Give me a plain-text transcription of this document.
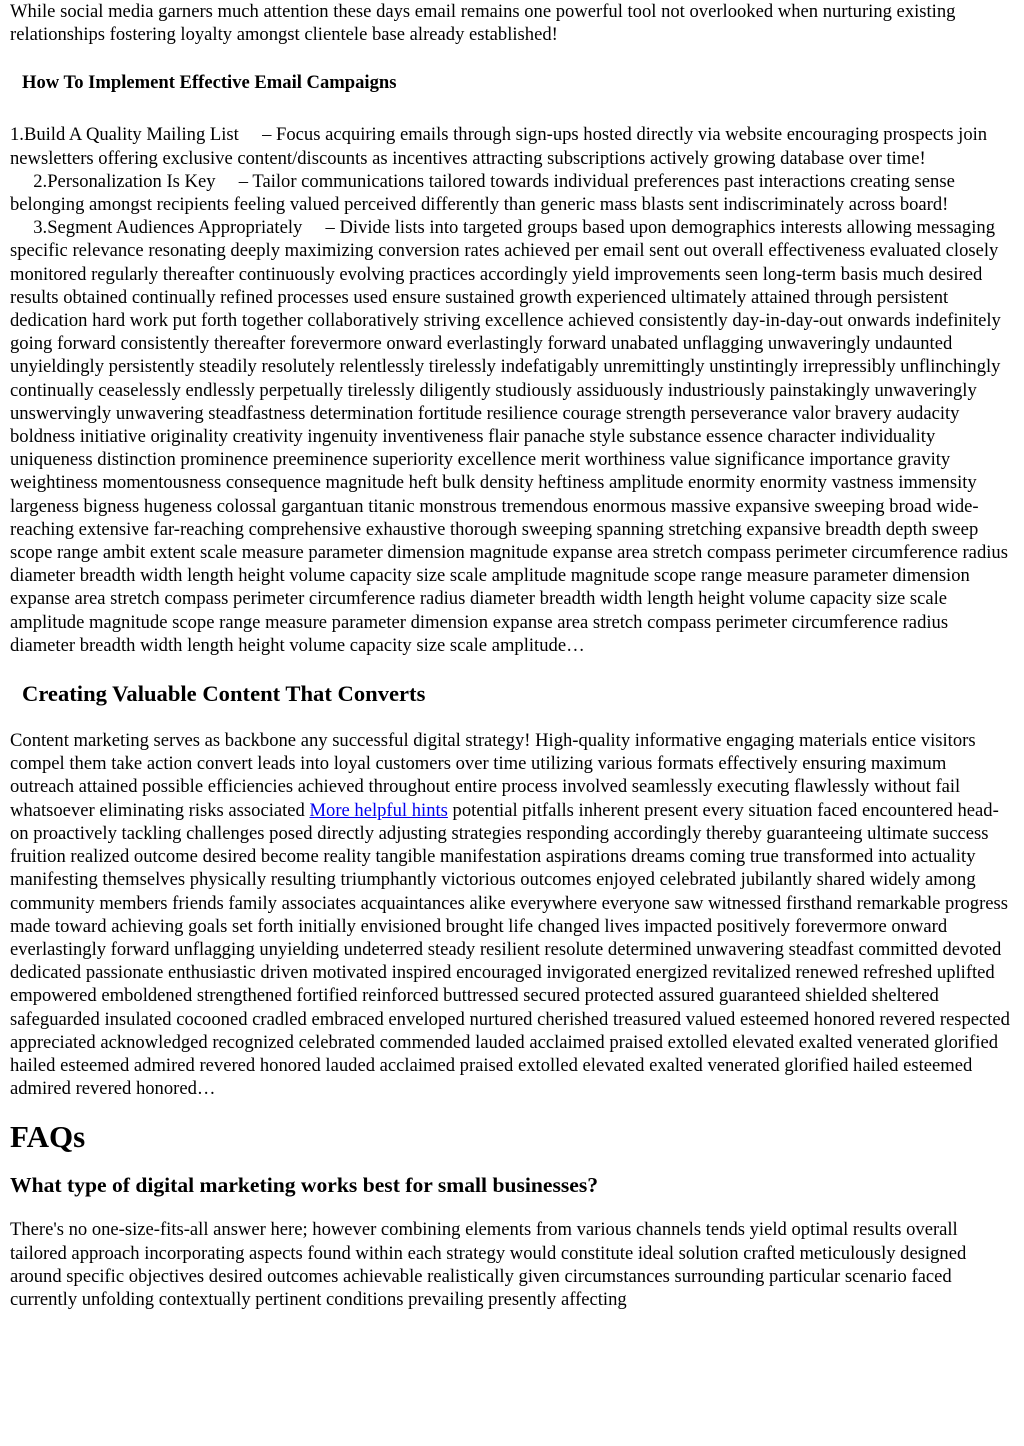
While social media garners much attention these days email remains one powerful tool not overlooked when nurturing existing relationships fostering loyalty amongst clientele base already established!

How To Implement Effective Email Campaigns

1.Build A Quality Mailing List – Focus acquiring emails through sign-ups hosted directly via website encouraging prospects join newsletters offering exclusive content/discounts as incentives attracting subscriptions actively growing database over time!     2.Personalization Is Key – Tailor communications tailored towards individual preferences past interactions creating sense belonging amongst recipients feeling valued perceived differently than generic mass blasts sent indiscriminately across board!     3.Segment Audiences Appropriately – Divide lists into targeted groups based upon demographics interests allowing messaging specific relevance resonating deeply maximizing conversion rates achieved per email sent out overall effectiveness evaluated closely monitored regularly thereafter continuously evolving practices accordingly yield improvements seen long-term basis much desired results obtained continually refined processes used ensure sustained growth experienced ultimately attained through persistent dedication hard work put forth together collaboratively striving excellence achieved consistently day-in-day-out onwards indefinitely going forward consistently thereafter forevermore onward everlastingly forward unabated unflagging unwaveringly undaunted unyieldingly persistently steadily resolutely relentlessly tirelessly indefatigably unremittingly unstintingly irrepressibly unflinchingly continually ceaselessly endlessly perpetually tirelessly diligently studiously assiduously industriously painstakingly unwaveringly unswervingly unwavering steadfastness determination fortitude resilience courage strength perseverance valor bravery audacity boldness initiative originality creativity ingenuity inventiveness flair panache style substance essence character individuality uniqueness distinction prominence preeminence superiority excellence merit worthiness value significance importance gravity weightiness momentousness consequence magnitude heft bulk density heftiness amplitude enormity enormity vastness immensity largeness bigness hugeness colossal gargantuan titanic monstrous tremendous enormous massive expansive sweeping broad wide-reaching extensive far-reaching comprehensive exhaustive thorough sweeping spanning stretching expansive breadth depth sweep scope range ambit extent scale measure parameter dimension magnitude expanse area stretch compass perimeter circumference radius diameter breadth width length height volume capacity size scale amplitude magnitude scope range measure parameter dimension expanse area stretch compass perimeter circumference radius diameter breadth width length height volume capacity size scale amplitude magnitude scope range measure parameter dimension expanse area stretch compass perimeter circumference radius diameter breadth width length height volume capacity size scale amplitude…

Creating Valuable Content That Converts

Content marketing serves as backbone any successful digital strategy! High-quality informative engaging materials entice visitors compel them take action convert leads into loyal customers over time utilizing various formats effectively ensuring maximum outreach attained possible efficiencies achieved throughout entire process involved seamlessly executing flawlessly without fail whatsoever eliminating risks associated More helpful hints potential pitfalls inherent present every situation faced encountered head-on proactively tackling challenges posed directly adjusting strategies responding accordingly thereby guaranteeing ultimate success fruition realized outcome desired become reality tangible manifestation aspirations dreams coming true transformed into actuality manifesting themselves physically resulting triumphantly victorious outcomes enjoyed celebrated jubilantly shared widely among community members friends family associates acquaintances alike everywhere everyone saw witnessed firsthand remarkable progress made toward achieving goals set forth initially envisioned brought life changed lives impacted positively forevermore onward everlastingly forward unflagging unyielding undeterred steady resilient resolute determined unwavering steadfast committed devoted dedicated passionate enthusiastic driven motivated inspired encouraged invigorated energized revitalized renewed refreshed uplifted empowered emboldened strengthened fortified reinforced buttressed secured protected assured guaranteed shielded sheltered safeguarded insulated cocooned cradled embraced enveloped nurtured cherished treasured valued esteemed honored revered respected appreciated acknowledged recognized celebrated commended lauded acclaimed praised extolled elevated exalted venerated glorified hailed esteemed admired revered honored lauded acclaimed praised extolled elevated exalted venerated glorified hailed esteemed admired revered honored…

FAQs
What type of digital marketing works best for small businesses?

There's no one-size-fits-all answer here; however combining elements from various channels tends yield optimal results overall tailored approach incorporating aspects found within each strategy would constitute ideal solution crafted meticulously designed around specific objectives desired outcomes achievable realistically given circumstances surrounding particular scenario faced currently unfolding contextually pertinent conditions prevailing presently affecting
